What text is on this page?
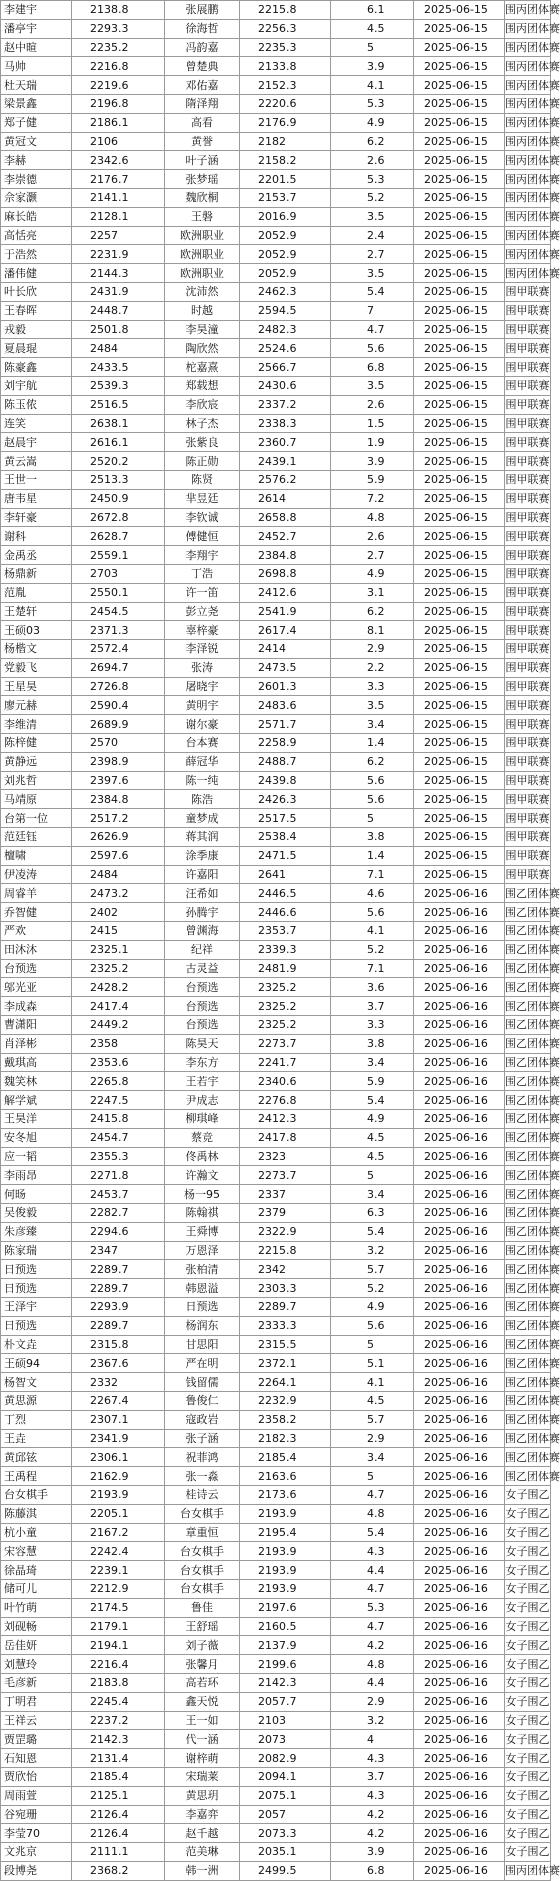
李建宇	2138.8	张展鹏	2215.8	6.1	2025-06-15	围丙团体赛
潘亭宇	2293.3	徐海哲	2256.3	4.5	2025-06-15	围丙团体赛
赵中暄	2235.2	冯韵嘉	2235.3	5	2025-06-15	围丙团体赛
马帅	2216.8	曾楚典	2133.8	3.9	2025-06-15	围丙团体赛
杜天瑞	2219.6	邓佑嘉	2152.3	4.1	2025-06-15	围丙团体赛
梁景鑫	2196.8	隋泽翔	2220.6	5.3	2025-06-15	围丙团体赛
郑子健	2186.1	高看	2176.9	4.9	2025-06-15	围丙团体赛
黄冠文	2106	黄誉	2182	6.2	2025-06-15	围丙团体赛
李赫	2342.6	叶子涵	2158.2	2.6	2025-06-15	围丙团体赛
李崇德	2176.7	张梦瑶	2201.5	5.3	2025-06-15	围丙团体赛
佘家灏	2141.1	魏欣桐	2153.7	5.2	2025-06-15	围丙团体赛
麻长皓	2128.1	王磐	2016.9	3.5	2025-06-15	围丙团体赛
高恬亮	2257	欧洲职业	2052.9	2.4	2025-06-15	围丙团体赛
于浩然	2231.9	欧洲职业	2052.9	2.7	2025-06-15	围丙团体赛
潘伟健	2144.3	欧洲职业	2052.9	3.5	2025-06-15	围丙团体赛
叶长欣	2431.9	沈沛然	2462.3	5.4	2025-06-15	围甲联赛
王春晖	2448.7	时越	2594.5	7	2025-06-15	围甲联赛
戎毅	2501.8	李昊潼	2482.3	4.7	2025-06-15	围甲联赛
夏晨琨	2484	陶欣然	2524.6	5.6	2025-06-15	围甲联赛
陈豪鑫	2433.5	柁嘉熹	2566.7	6.8	2025-06-15	围甲联赛
刘宇航	2539.3	郑载想	2430.6	3.5	2025-06-15	围甲联赛
陈玉侬	2516.5	李欣宸	2337.2	2.6	2025-06-15	围甲联赛
连笑	2638.1	林子杰	2338.3	1.5	2025-06-15	围甲联赛
赵晨宇	2616.1	张紫良	2360.7	1.9	2025-06-15	围甲联赛
黄云嵩	2520.2	陈正勋	2439.1	3.9	2025-06-15	围甲联赛
王世一	2513.3	陈贤	2576.2	5.9	2025-06-15	围甲联赛
唐韦星	2450.9	芈昱廷	2614	7.2	2025-06-15	围甲联赛
李轩豪	2672.8	李钦诚	2658.8	4.8	2025-06-15	围甲联赛
谢科	2628.7	傅健恒	2452.7	2.6	2025-06-15	围甲联赛
金禹丞	2559.1	李翔宇	2384.8	2.7	2025-06-15	围甲联赛
杨鼎新	2703	丁浩	2698.8	4.9	2025-06-15	围甲联赛
范胤	2550.1	许一笛	2412.6	3.1	2025-06-15	围甲联赛
王楚轩	2454.5	彭立尧	2541.9	6.2	2025-06-15	围甲联赛
王硕03	2371.3	辜梓豪	2617.4	8.1	2025-06-15	围甲联赛
杨楷文	2572.4	李泽锐	2414	2.9	2025-06-15	围甲联赛
党毅飞	2694.7	张涛	2473.5	2.2	2025-06-15	围甲联赛
王星昊	2726.8	屠晓宇	2601.3	3.3	2025-06-15	围甲联赛
廖元赫	2590.4	黄明宇	2483.6	3.5	2025-06-15	围甲联赛
李维清	2689.9	谢尔豪	2571.7	3.4	2025-06-15	围甲联赛
陈梓健	2570	台本赛	2258.9	1.4	2025-06-15	围甲联赛
黄静远	2398.9	薛冠华	2488.7	6.2	2025-06-15	围甲联赛
刘兆哲	2397.6	陈一纯	2439.8	5.6	2025-06-15	围甲联赛
马靖原	2384.8	陈浩	2426.3	5.6	2025-06-15	围甲联赛
台第一位	2517.2	童梦成	2517.5	5	2025-06-15	围甲联赛
范廷钰	2626.9	蒋其润	2538.4	3.8	2025-06-15	围甲联赛
檀啸	2597.6	涂季康	2471.5	1.4	2025-06-15	围甲联赛
伊凌涛	2484	许嘉阳	2641	7.1	2025-06-15	围甲联赛
周睿羊	2473.2	汪希如	2446.5	4.6	2025-06-16	围乙团体赛
乔智健	2402	孙腾宇	2446.6	5.6	2025-06-16	围乙团体赛
严欢	2415	曾渊海	2353.7	4.1	2025-06-16	围乙团体赛
田沐沐	2325.1	纪祥	2339.3	5.2	2025-06-16	围乙团体赛
台预选	2325.2	古灵益	2481.9	7.1	2025-06-16	围乙团体赛
邬光亚	2428.2	台预选	2325.2	3.6	2025-06-16	围乙团体赛
李成森	2417.4	台预选	2325.2	3.7	2025-06-16	围乙团体赛
曹潇阳	2449.2	台预选	2325.2	3.3	2025-06-16	围乙团体赛
肖泽彬	2358	陈昊天	2273.7	3.8	2025-06-16	围乙团体赛
戴琪高	2353.6	李东方	2241.7	3.4	2025-06-16	围乙团体赛
魏笑林	2265.8	王若宇	2340.6	5.9	2025-06-16	围乙团体赛
解学斌	2247.5	尹成志	2276.8	5.4	2025-06-16	围乙团体赛
王昊洋	2415.8	柳琪峰	2412.3	4.9	2025-06-16	围乙团体赛
安冬旭	2454.7	蔡竞	2417.8	4.5	2025-06-16	围乙团体赛
应一韬	2355.3	佟禹林	2323	4.5	2025-06-16	围乙团体赛
李雨昂	2271.8	许瀚文	2273.7	5	2025-06-16	围乙团体赛
何旸	2453.7	杨一95	2337	3.4	2025-06-16	围乙团体赛
吴俊毅	2282.7	陈翰祺	2379	6.3	2025-06-16	围乙团体赛
朱彦臻	2294.6	王舜博	2322.9	5.4	2025-06-16	围乙团体赛
陈家瑞	2347	万恩泽	2215.8	3.2	2025-06-16	围乙团体赛
日预选	2289.7	张柏清	2342	5.7	2025-06-16	围乙团体赛
日预选	2289.7	韩恩溢	2303.3	5.2	2025-06-16	围乙团体赛
王泽宇	2293.9	日预选	2289.7	4.9	2025-06-16	围乙团体赛
日预选	2289.7	杨润东	2333.3	5.6	2025-06-16	围乙团体赛
朴文垚	2315.8	甘思阳	2315.5	5	2025-06-16	围乙团体赛
王硕94	2367.6	严在明	2372.1	5.1	2025-06-16	围乙团体赛
杨智文	2332	钱留儒	2264.1	4.1	2025-06-16	围乙团体赛
黄思源	2267.4	鲁俊仁	2232.9	4.5	2025-06-16	围乙团体赛
丁烈	2307.1	寇政岩	2358.2	5.7	2025-06-16	围乙团体赛
王垚	2341.9	张子涵	2182.3	2.9	2025-06-16	围乙团体赛
黄邱铉	2306.1	祝菲鸿	2185.4	3.4	2025-06-16	围乙团体赛
王禹程	2162.9	张一淼	2163.6	5	2025-06-16	围乙团体赛
台女棋手	2193.9	桂诗云	2173.6	4.7	2025-06-16	女子围乙
陈藤淇	2205.1	台女棋手	2193.9	4.8	2025-06-16	女子围乙
杭小童	2167.2	章重恒	2195.4	5.4	2025-06-16	女子围乙
宋容慧	2242.4	台女棋手	2193.9	4.3	2025-06-16	女子围乙
徐晶琦	2239.1	台女棋手	2193.9	4.4	2025-06-16	女子围乙
储可儿	2212.9	台女棋手	2193.9	4.7	2025-06-16	女子围乙
叶竹萌	2174.5	鲁佳	2197.6	5.3	2025-06-16	女子围乙
刘砚畅	2179.1	王舒瑶	2160.5	4.7	2025-06-16	女子围乙
岳佳妍	2194.1	刘子薇	2137.9	4.2	2025-06-16	女子围乙
刘慧玲	2216.4	张馨月	2199.6	4.8	2025-06-16	女子围乙
毛彦新	2183.8	高若环	2142.3	4.4	2025-06-16	女子围乙
丁明君	2245.4	鑫天悦	2057.7	2.9	2025-06-16	女子围乙
王祥云	2237.2	王一如	2103	3.2	2025-06-16	女子围乙
贾罡璐	2142.3	代一涵	2073	4	2025-06-16	女子围乙
石知恩	2131.4	谢梓萌	2082.9	4.3	2025-06-16	女子围乙
贾欣怡	2185.4	宋瑞莱	2094.1	3.7	2025-06-16	女子围乙
周雨萱	2125.1	黄思玥	2075.1	4.3	2025-06-16	女子围乙
谷宛珊	2126.4	李嘉弈	2057	4.2	2025-06-16	女子围乙
李莹70	2126.4	赵千越	2073.3	4.2	2025-06-16	女子围乙
文兆京	2111.1	范美琳	2035.1	3.9	2025-06-16	女子围乙
段博尧	2368.2	韩一洲	2499.5	6.8	2025-06-16	围丙团体赛
